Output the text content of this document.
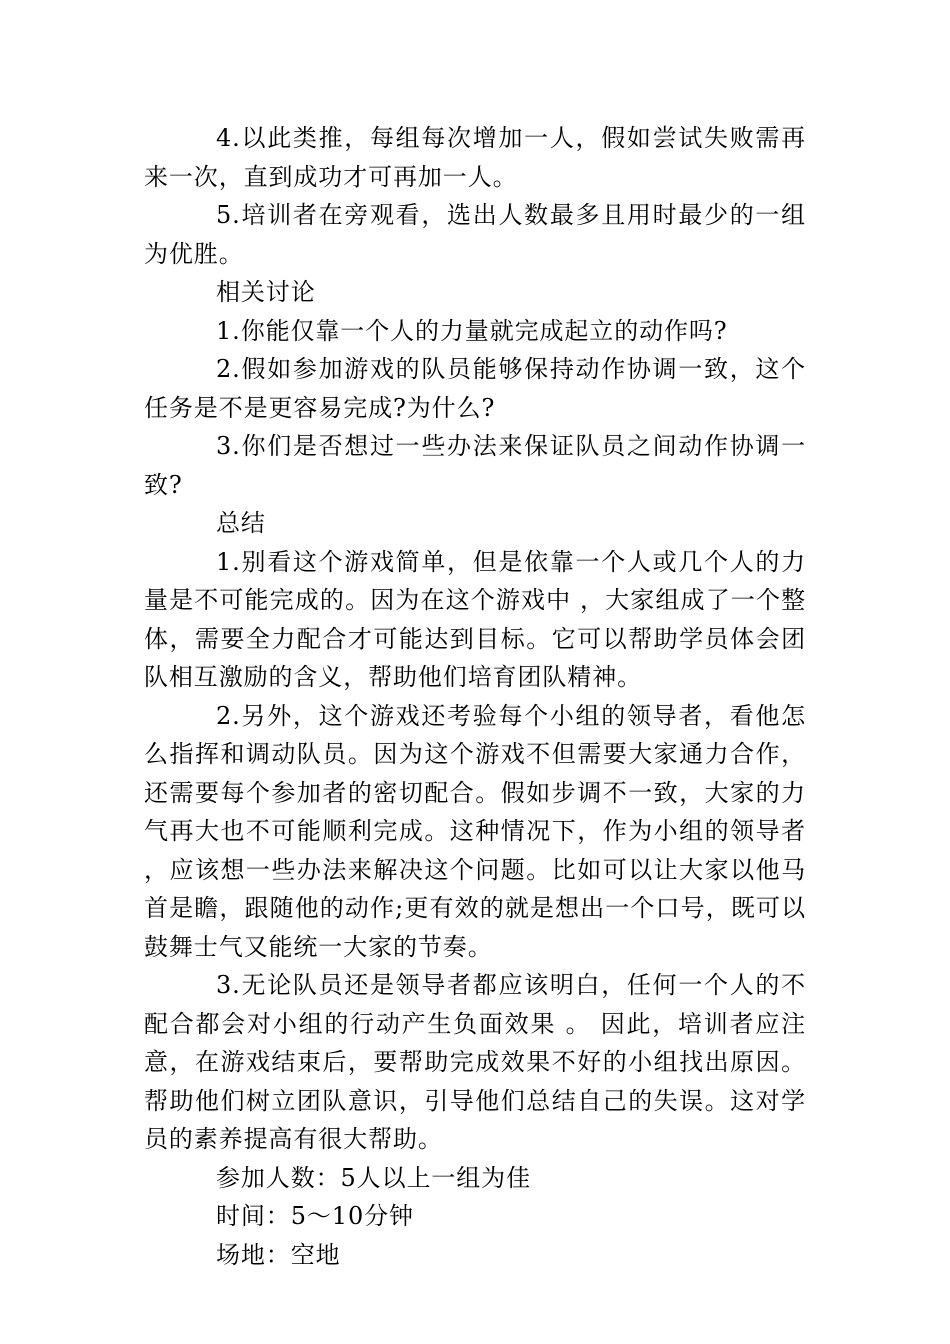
4.以此类推，每组每次增加一人，假如尝试失败需再来一次，直到成功才可再加一人。

5.培训者在旁观看，选出人数最多且用时最少的一组为优胜。

相关讨论

1.你能仅靠一个人的力量就完成起立的动作吗?

2.假如参加游戏的队员能够保持动作协调一致，这个任务是不是更容易完成?为什么?

3.你们是否想过一些办法来保证队员之间动作协调一致?

总结

1.别看这个游戏简单，但是依靠一个人或几个人的力量是不可能完成的。因为在这个游戏中 ，大家组成了一个整体，需要全力配合才可能达到目标。它可以帮助学员体会团队相互激励的含义，帮助他们培育团队精神。

2.另外，这个游戏还考验每个小组的领导者，看他怎么指挥和调动队员。因为这个游戏不但需要大家通力合作，还需要每个参加者的密切配合。假如步调不一致，大家的力气再大也不可能顺利完成。这种情况下，作为小组的领导者，应该想一些办法来解决这个问题。比如可以让大家以他马首是瞻，跟随他的动作;更有效的就是想出一个口号，既可以鼓舞士气又能统一大家的节奏。

3.无论队员还是领导者都应该明白，任何一个人的不配合都会对小组的行动产生负面效果 。 因此，培训者应注意，在游戏结束后，要帮助完成效果不好的小组找出原因。帮助他们树立团队意识，引导他们总结自己的失误。这对学员的素养提高有很大帮助。

参加人数：5人以上一组为佳

时间：5～10分钟

场地：空地
